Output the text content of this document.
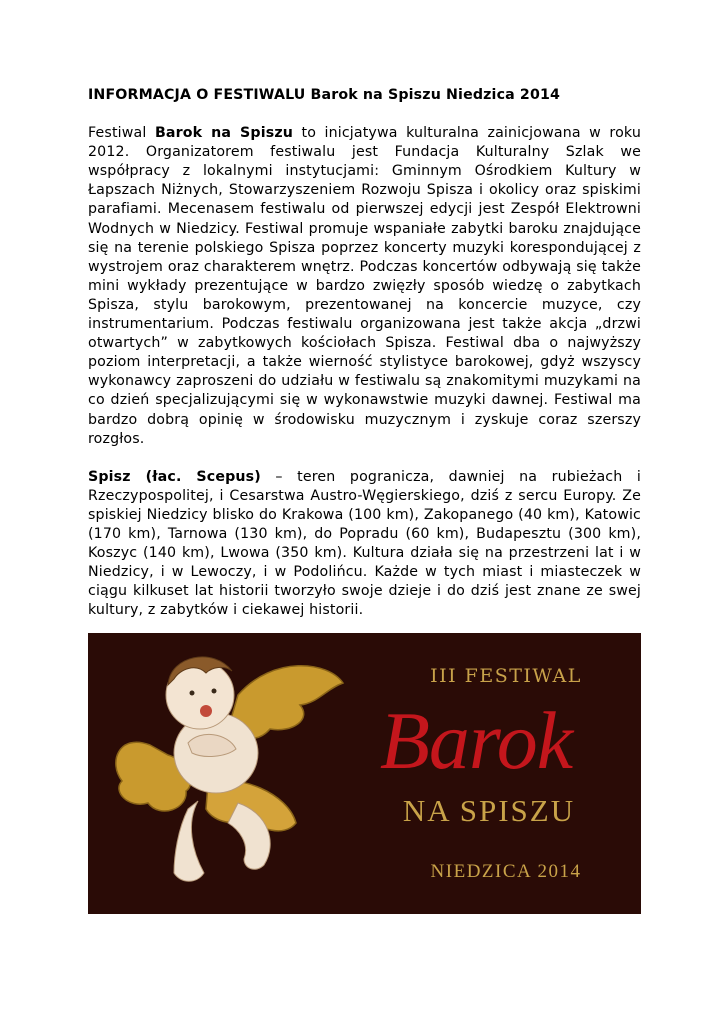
INFORMACJA O FESTIWALU Barok na Spiszu Niedzica 2014

Festiwal Barok na Spiszu to inicjatywa kulturalna zainicjowana w roku 2012. Organizatorem festiwalu jest Fundacja Kulturalny Szlak we współpracy z lokalnymi instytucjami: Gminnym Ośrodkiem Kultury w Łapszach Niżnych, Stowarzyszeniem Rozwoju Spisza i okolicy oraz spiskimi parafiami. Mecenasem festiwalu od pierwszej edycji jest Zespół Elektrowni Wodnych w Niedzicy. Festiwal promuje wspaniałe zabytki baroku znajdujące się na terenie polskiego Spisza poprzez koncerty muzyki korespondującej z wystrojem oraz charakterem wnętrz. Podczas koncertów odbywają się także mini wykłady prezentujące w bardzo zwięzły sposób wiedzę o zabytkach Spisza, stylu barokowym, prezentowanej na koncercie muzyce, czy instrumentarium. Podczas festiwalu organizowana jest także akcja „drzwi otwartych” w zabytkowych kościołach Spisza. Festiwal dba o najwyższy poziom interpretacji, a także wierność stylistyce barokowej, gdyż wszyscy wykonawcy zaproszeni do udziału w festiwalu są znakomitymi muzykami na co dzień specjalizującymi się w wykonawstwie muzyki dawnej. Festiwal ma bardzo dobrą opinię w środowisku muzycznym i zyskuje coraz szerszy rozgłos.

Spisz (łac. Scepus) – teren pogranicza, dawniej na rubieżach i Rzeczypospolitej, i Cesarstwa Austro-Węgierskiego, dziś z sercu Europy. Ze spiskiej Niedzicy blisko do Krakowa (100 km), Zakopanego (40 km), Katowic (170 km), Tarnowa (130 km), do Popradu (60 km), Budapesztu (300 km), Koszyc (140 km), Lwowa (350 km). Kultura działa się na przestrzeni lat i w Niedzicy, i w Lewoczy, i w Podolińcu. Każde w tych miast i miasteczek w ciągu kilkuset lat historii tworzyło swoje dzieje i do dziś jest znane ze swej kultury, z zabytków i ciekawej historii.

III FESTIWAL
Barok
NA SPISZU
NIEDZICA 2014
